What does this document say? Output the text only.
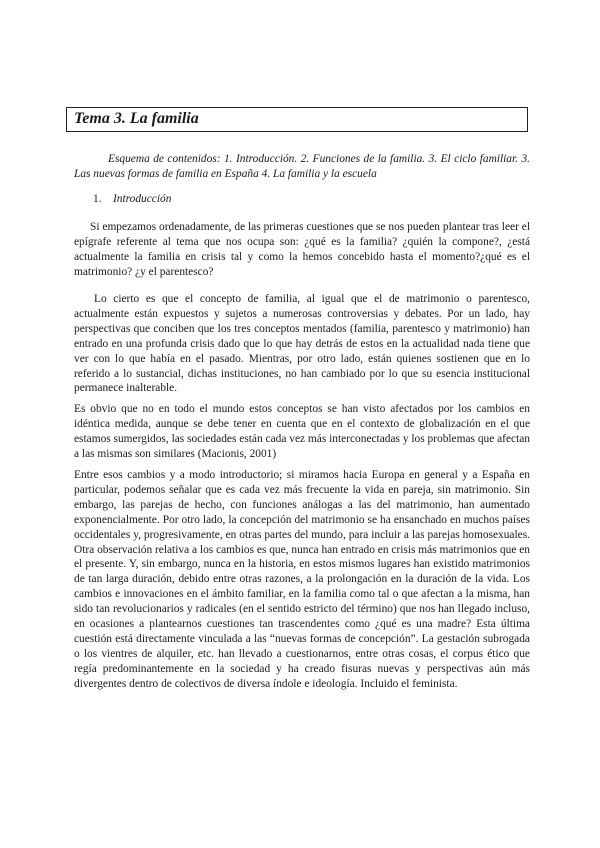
Tema 3. La familia
Esquema de contenidos: 1. Introducción. 2. Funciones de la familia. 3. El ciclo familiar. 3. Las nuevas formas de familia en España 4. La familia y la escuela
1. Introducción

Si empezamos ordenadamente, de las primeras cuestiones que se nos pueden plantear tras leer el epígrafe referente al tema que nos ocupa son: ¿qué es la familia? ¿quién la compone?, ¿está actualmente la familia en crisis tal y como la hemos concebido hasta el momento?¿qué es el matrimonio? ¿y el parentesco?

Lo cierto es que el concepto de familia, al igual que el de matrimonio o parentesco, actualmente están expuestos y sujetos a numerosas controversias y debates. Por un lado, hay perspectivas que conciben que los tres conceptos mentados (familia, parentesco y matrimonio) han entrado en una profunda crisis dado que lo que hay detrás de estos en la actualidad nada tiene que ver con lo que había en el pasado. Mientras, por otro lado, están quienes sostienen que en lo referido a lo sustancial, dichas instituciones, no han cambiado por lo que su esencia institucional permanece inalterable.

Es obvio que no en todo el mundo estos conceptos se han visto afectados por los cambios en idéntica medida, aunque se debe tener en cuenta que en el contexto de globalización en el que estamos sumergidos, las sociedades están cada vez más interconectadas y los problemas que afectan a las mismas son similares (Macionis, 2001)

Entre esos cambios y a modo introductorio; si miramos hacia Europa en general y a España en particular, podemos señalar que es cada vez más frecuente la vida en pareja, sin matrimonio. Sin embargo, las parejas de hecho, con funciones análogas a las del matrimonio, han aumentado exponencialmente. Por otro lado, la concepción del matrimonio se ha ensanchado en muchos países occidentales y, progresivamente, en otras partes del mundo, para incluir a las parejas homosexuales. Otra observación relativa a los cambios es que, nunca han entrado en crisis más matrimonios que en el presente. Y, sin embargo, nunca en la historia, en estos mismos lugares han existido matrimonios de tan larga duración, debido entre otras razones, a la prolongación en la duración de la vida. Los cambios e innovaciones en el ámbito familiar, en la familia como tal o que afectan a la misma, han sido tan revolucionarios y radicales (en el sentido estricto del término) que nos han llegado incluso, en ocasiones a plantearnos cuestiones tan trascendentes como ¿qué es una madre? Esta última cuestión está directamente vinculada a las “nuevas formas de concepción”. La gestación subrogada o los vientres de alquiler, etc. han llevado a cuestionarnos, entre otras cosas, el corpus ético que regía predominantemente en la sociedad y ha creado fisuras nuevas y perspectivas aún más divergentes dentro de colectivos de diversa índole e ideología. Incluido el feminista.
